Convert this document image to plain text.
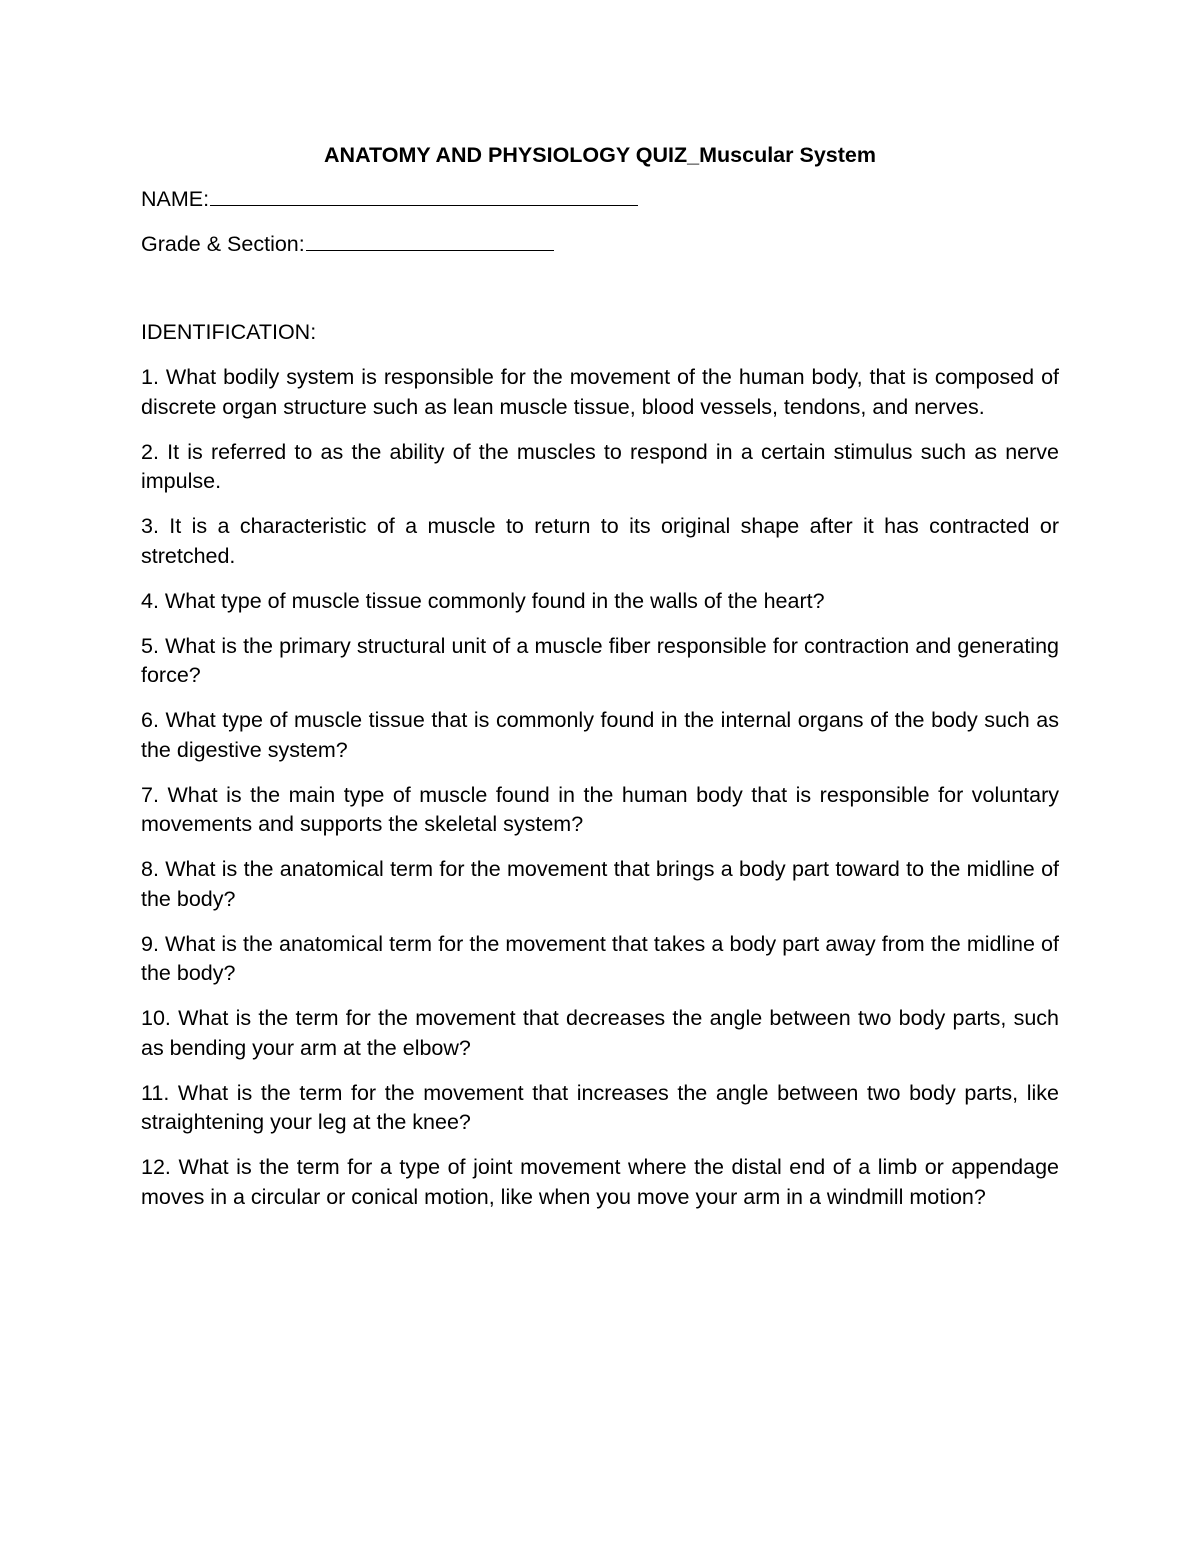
ANATOMY AND PHYSIOLOGY QUIZ_Muscular System
NAME:
Grade & Section:
IDENTIFICATION:

1. What bodily system is responsible for the movement of the human body, that is composed of discrete organ structure such as lean muscle tissue, blood vessels, tendons, and nerves.

2. It is referred to as the ability of the muscles to respond in a certain stimulus such as nerve impulse.

3. It is a characteristic of a muscle to return to its original shape after it has contracted or stretched.

4. What type of muscle tissue commonly found in the walls of the heart?

5. What is the primary structural unit of a muscle fiber responsible for contraction and generating force?

6. What type of muscle tissue that is commonly found in the internal organs of the body such as the digestive system?

7. What is the main type of muscle found in the human body that is responsible for voluntary movements and supports the skeletal system?

8. What is the anatomical term for the movement that brings a body part toward to the midline of the body?

9. What is the anatomical term for the movement that takes a body part away from the midline of the body?

10. What is the term for the movement that decreases the angle between two body parts, such as bending your arm at the elbow?

11. What is the term for the movement that increases the angle between two body parts, like straightening your leg at the knee?

12. What is the term for a type of joint movement where the distal end of a limb or appendage moves in a circular or conical motion, like when you move your arm in a windmill motion?
